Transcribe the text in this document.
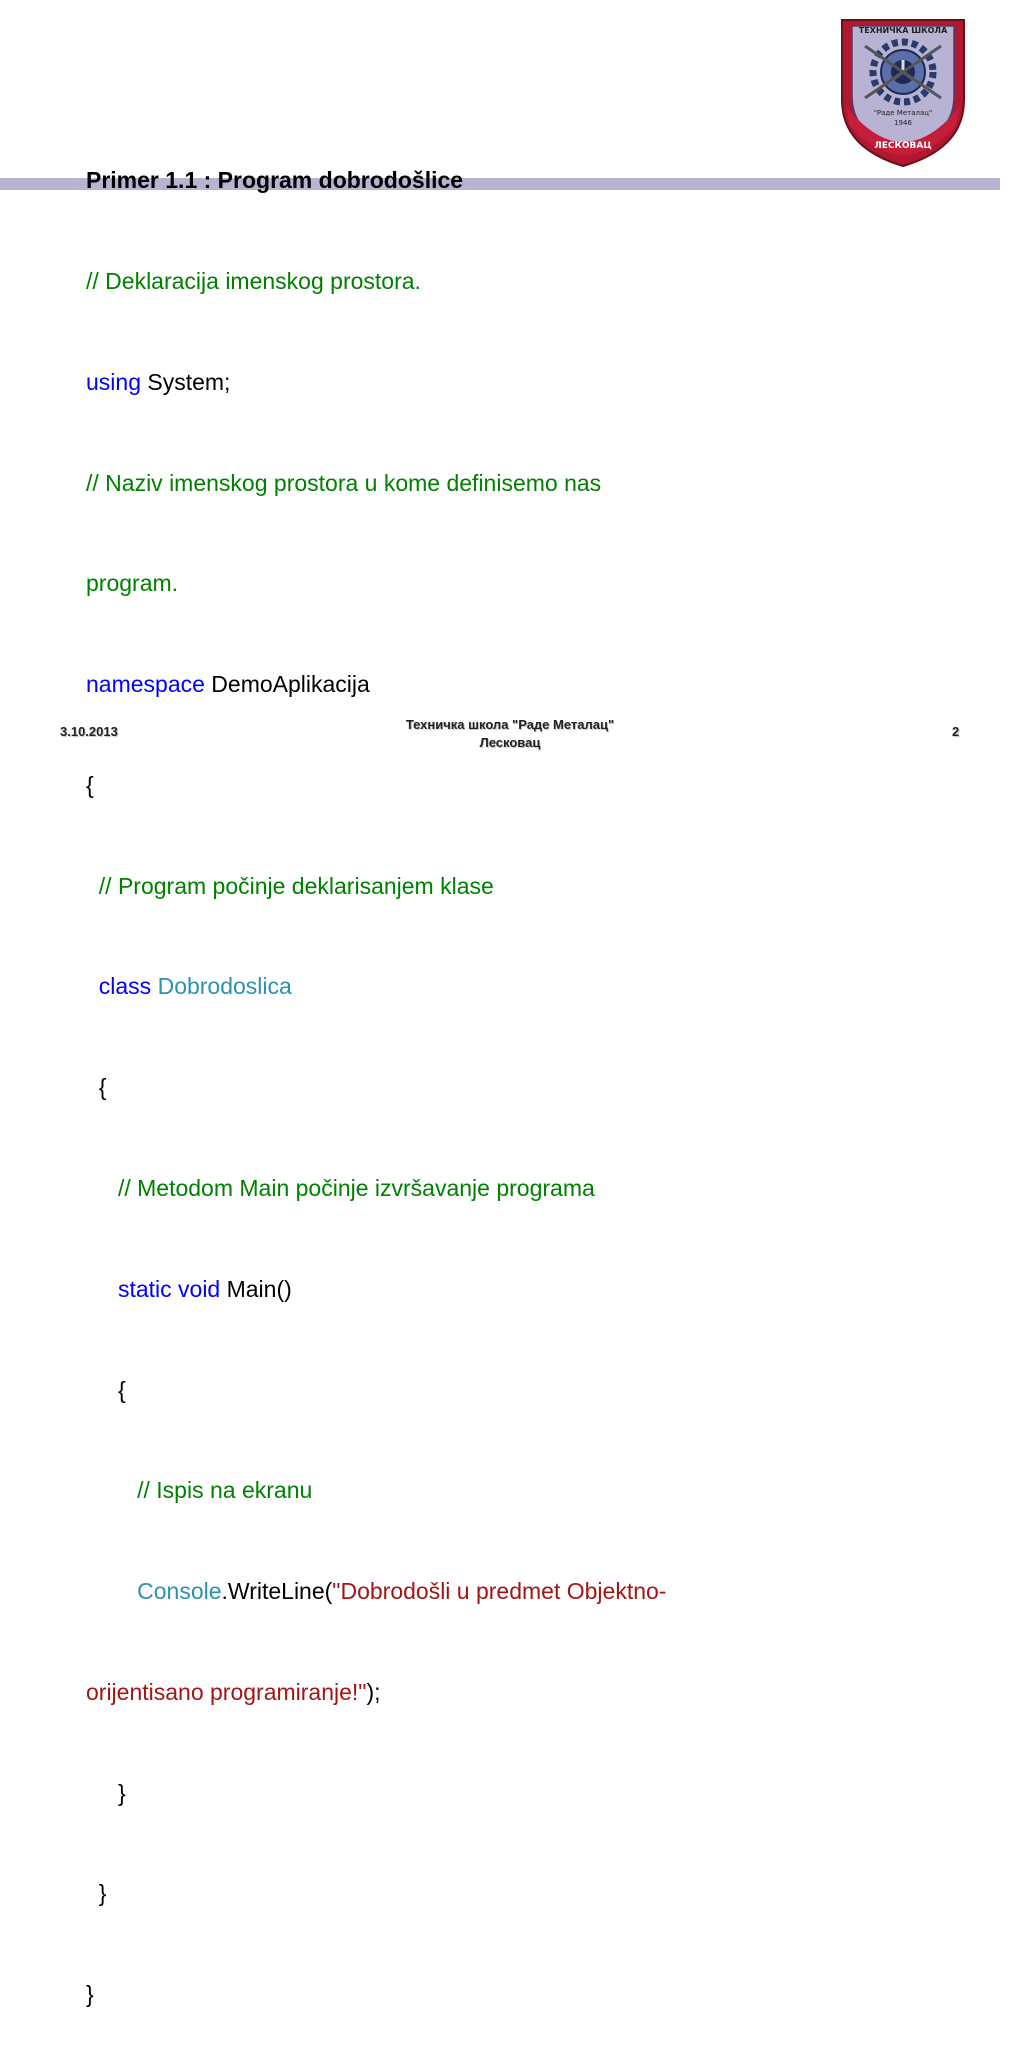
ТЕХНИЧКА ШКОЛА
"Раде Металац"
1946
ЛЕСКОВАЦ

Primer 1.1 : Program dobrodošlice

// Deklaracija imenskog prostora.

using System;

// Naziv imenskog prostora u kome definisemo nas

program.

namespace DemoAplikacija

{

// Program počinje deklarisanjem klase

class Dobrodoslica

{

// Metodom Main počinje izvršavanje programa

static void Main()

{

// Ispis na ekranu

Console.WriteLine("Dobrodošli u predmet Objektno-

orijentisano programiranje!");

}

}

}

3.10.2013	Техничка школа "Раде Металац"
Лесковац
2
